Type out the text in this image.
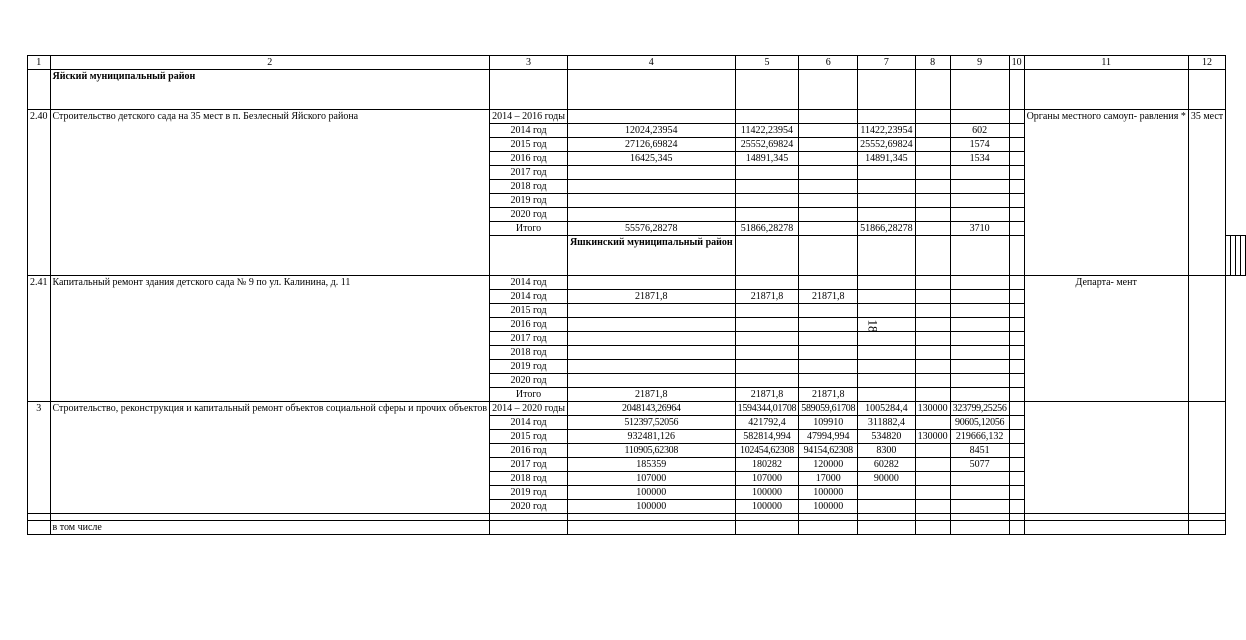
1	2	3	4	5	6	7	8	9	10	11	12				
	Яйский муниципальный район														
2.40	Строительство детского сада на 35 мест в п. Безлесный Яйского района	2014 – 2016 годы								Органы местного самоуп- равления *	35 мест				
		2014 год	12024,23954	11422,23954		11422,23954		602							
		2015 год	27126,69824	25552,69824		25552,69824		1574							
		2016 год	16425,345	14891,345		14891,345		1534							
		2017 год													
		2018 год													
		2019 год													
		2020 год													
		Итого	55576,28278	51866,28278		51866,28278		3710							
			Яшкинский муниципальный район												
2.41	Капитальный ремонт здания детского сада № 9 по ул. Калинина, д. 11	2014 год								Департа- мент					
		2014 год	21871,8	21871,8	21871,8										
		2015 год													
		2016 год													
		2017 год													
		2018 год													
		2019 год													
		2020 год													
		Итого	21871,8	21871,8	21871,8										
3	Строительство, реконструкция и капитальный ремонт объектов социальной сферы и прочих объектов	2014 – 2020 годы	2048143,26964	1594344,01708	589059,61708	1005284,4	130000	323799,25256							
		2014 год	512397,52056	421792,4	109910	311882,4		90605,12056							
		2015 год	932481,126	582814,994	47994,994	534820	130000	219666,132							
		2016 год	110905,62308	102454,62308	94154,62308	8300		8451							
		2017 год	185359	180282	120000	60282		5077							
		2018 год	107000	107000	17000	90000									
		2019 год	100000	100000	100000										
		2020 год	100000	100000	100000										

	в том числе														
18
